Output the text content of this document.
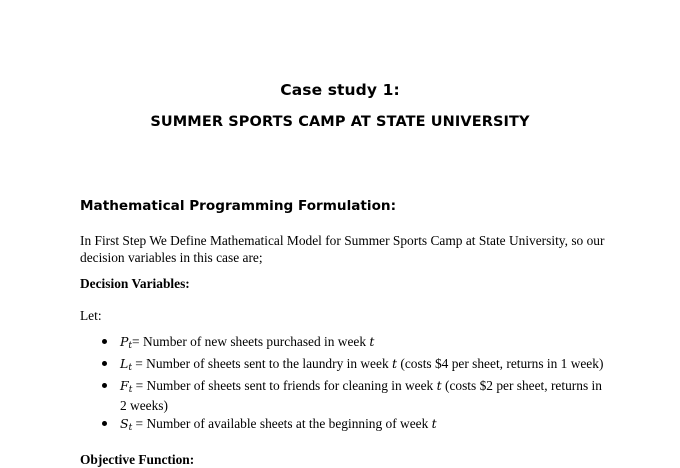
Case study 1:
SUMMER SPORTS CAMP AT STATE UNIVERSITY
Mathematical Programming Formulation:
In First Step We Define Mathematical Model for Summer Sports Camp at State University, so our decision variables in this case are;
Decision Variables:
Let:
$P_t=$ Number of new sheets purchased in week t
$L_t$ = Number of sheets sent to the laundry in week t (costs $4 per sheet, returns in 1 week)
$F_t$ = Number of sheets sent to friends for cleaning in week t (costs $2 per sheet, returns in 2 weeks)
$S_t$ = Number of available sheets at the beginning of week t
Objective Function:
